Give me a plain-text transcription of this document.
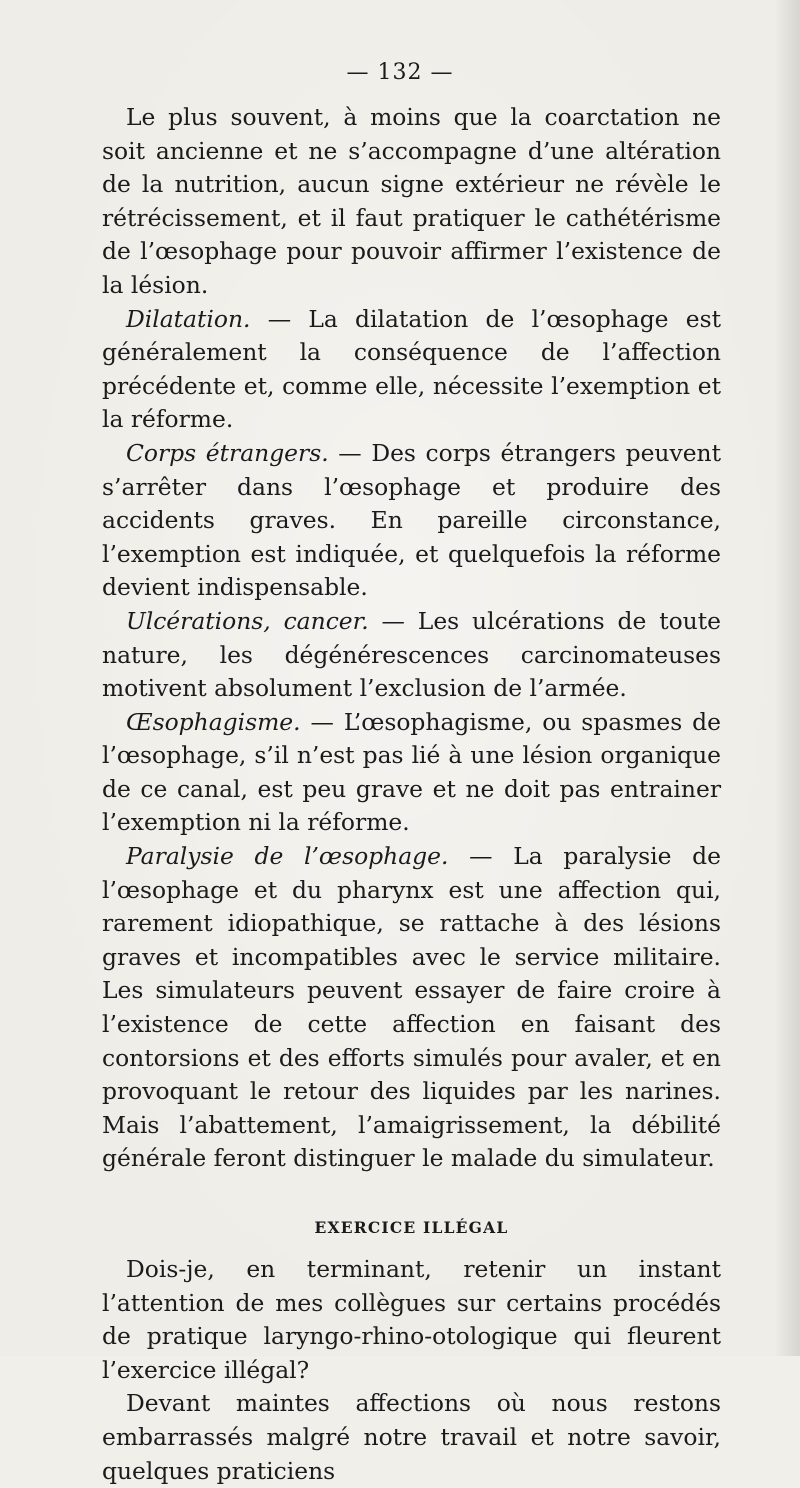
— 132 —

Le plus souvent, à moins que la coarctation ne soit ancienne et ne s’accompagne d’une altération de la nutrition, aucun signe extérieur ne révèle le rétrécissement, et il faut pratiquer le cathétérisme de l’œsophage pour pouvoir affirmer l’existence de la lésion.

Dilatation. — La dilatation de l’œsophage est généralement la conséquence de l’affection précédente et, comme elle, nécessite l’exemption et la réforme.

Corps étrangers. — Des corps étrangers peuvent s’arrêter dans l’œsophage et produire des accidents graves. En pareille circonstance, l’exemption est indiquée, et quelquefois la réforme devient indispensable.

Ulcérations, cancer. — Les ulcérations de toute nature, les dégénérescences carcinomateuses motivent absolument l’exclusion de l’armée.

Œsophagisme. — L’œsophagisme, ou spasmes de l’œsophage, s’il n’est pas lié à une lésion organique de ce canal, est peu grave et ne doit pas entrainer l’exemption ni la réforme.

Paralysie de l’œsophage. — La paralysie de l’œsophage et du pharynx est une affection qui, rarement idiopathique, se rattache à des lésions graves et incompatibles avec le service militaire. Les simulateurs peuvent essayer de faire croire à l’existence de cette affection en faisant des contorsions et des efforts simulés pour avaler, et en provoquant le retour des liquides par les narines. Mais l’abattement, l’amaigrissement, la débilité générale feront distinguer le malade du simulateur.

EXERCICE ILLÉGAL

Dois-je, en terminant, retenir un instant l’attention de mes collègues sur certains procédés de pratique laryngo-rhino-otologique qui fleurent l’exercice illégal?

Devant maintes affections où nous restons embarrassés malgré notre travail et notre savoir, quelques praticiens
